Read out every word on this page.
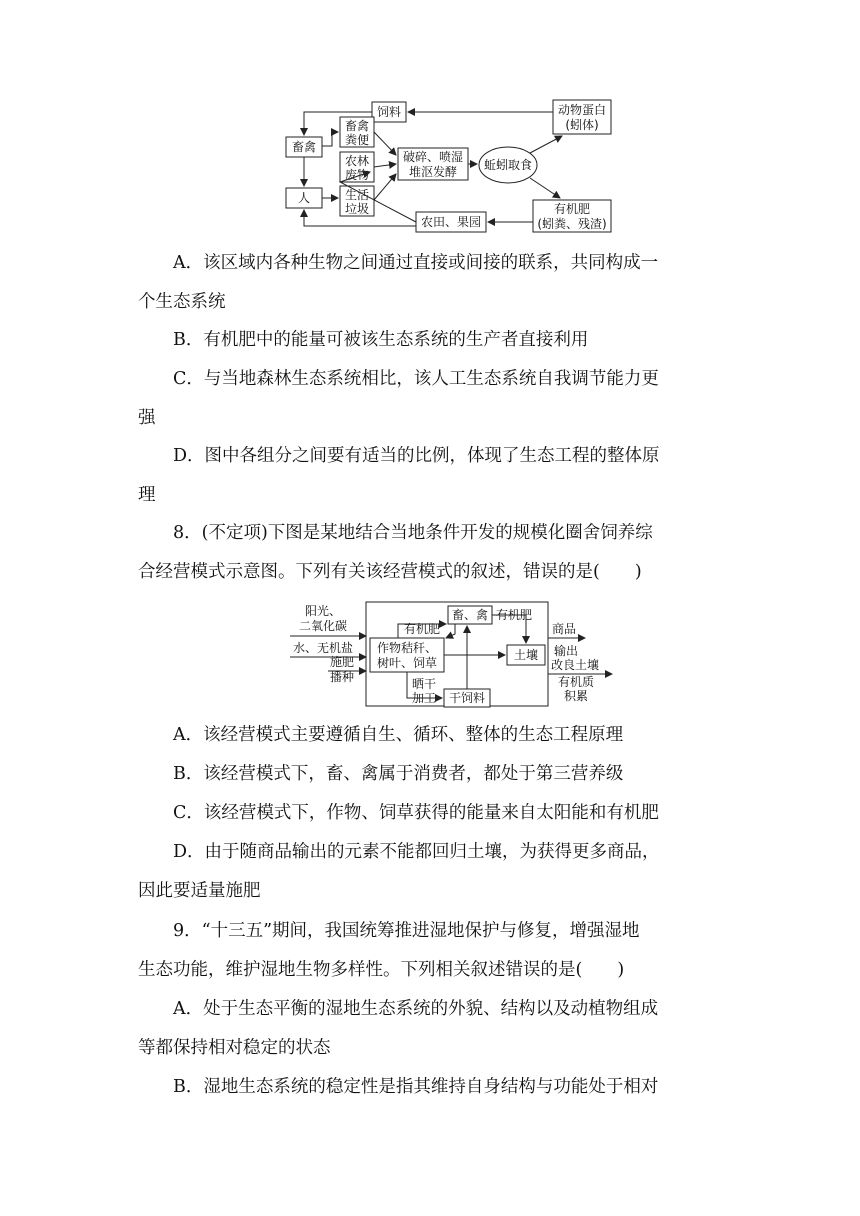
饲料	动物蛋白
(蚓体)
畜禽
畜禽
粪便
农林
废物
破碎、喷湿
堆沤发酵 蚯蚓取食
人	生活
垃圾
农田、果园
有机肥
(蚓粪、残渣)
阳光、
二氧化碳
水、无机盐
施肥
播种
畜、禽 有机肥
有机肥
作物秸秆、
树叶、饲草
土壤
晒干
加工 干饲料
商品
输出
改良土壤
有机质
积累
A．该区域内各种生物之间通过直接或间接的联系，共同构成一
个生态系统
B．有机肥中的能量可被该生态系统的生产者直接利用
C．与当地森林生态系统相比，该人工生态系统自我调节能力更
强
D．图中各组分之间要有适当的比例，体现了生态工程的整体原
理
8．(不定项)下图是某地结合当地条件开发的规模化圈舍饲养综
合经营模式示意图。下列有关该经营模式的叙述，错误的是(　　)
A．该经营模式主要遵循自生、循环、整体的生态工程原理
B．该经营模式下，畜、禽属于消费者，都处于第三营养级
C．该经营模式下，作物、饲草获得的能量来自太阳能和有机肥
D．由于随商品输出的元素不能都回归土壤，为获得更多商品，
因此要适量施肥
9．“十三五”期间，我国统筹推进湿地保护与修复，增强湿地
生态功能，维护湿地生物多样性。下列相关叙述错误的是(　　)
A．处于生态平衡的湿地生态系统的外貌、结构以及动植物组成
等都保持相对稳定的状态
B．湿地生态系统的稳定性是指其维持自身结构与功能处于相对
